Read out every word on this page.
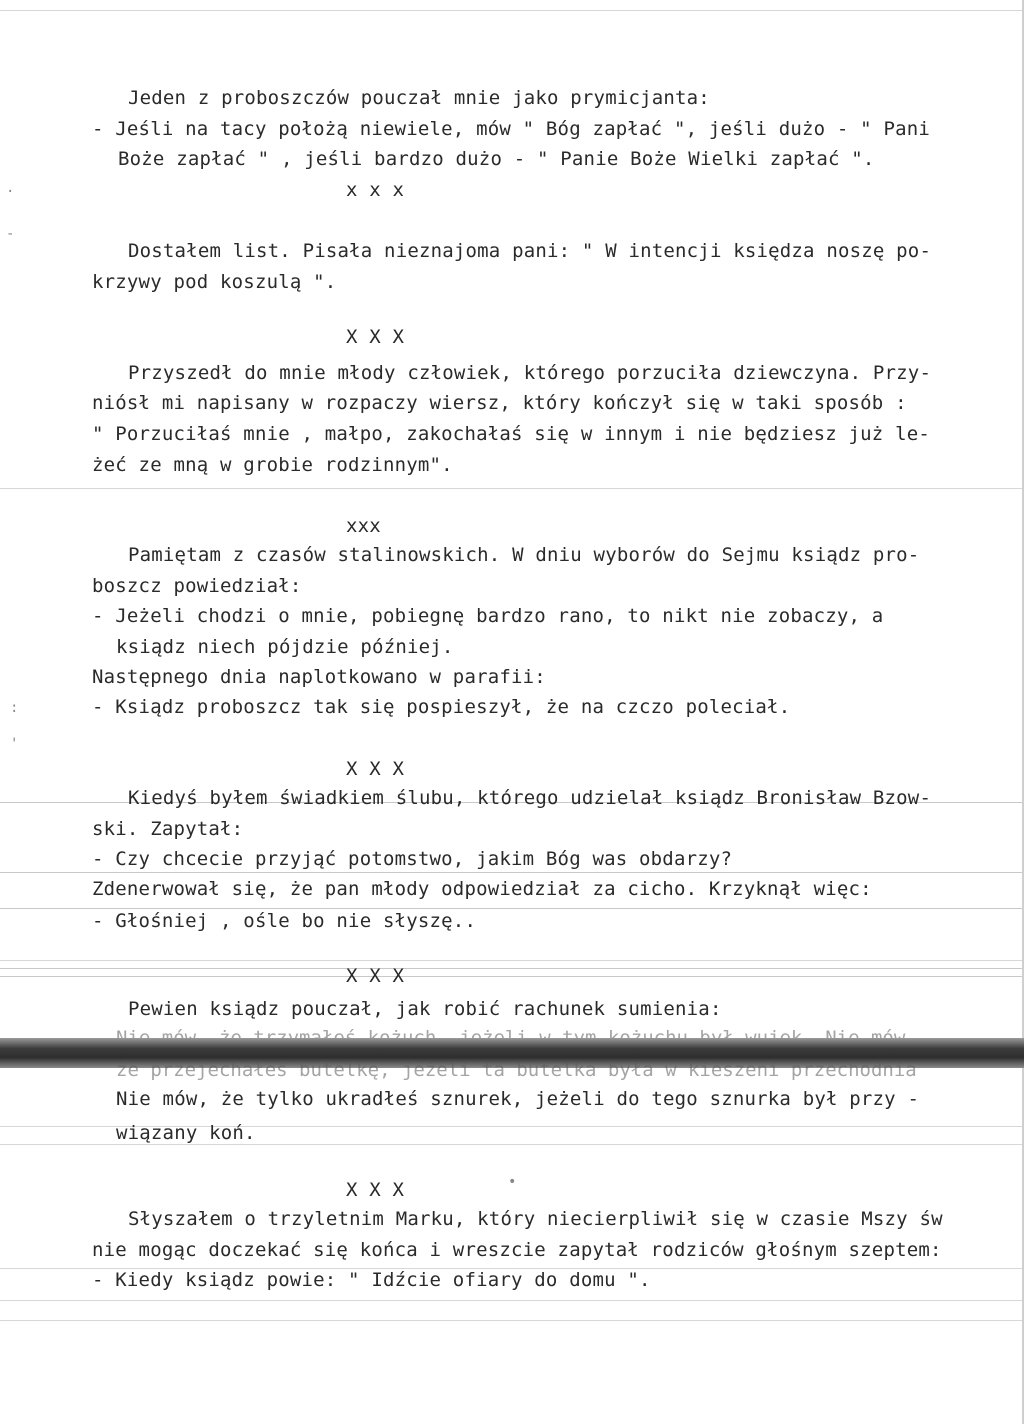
Jeden z proboszczów pouczał mnie jako prymicjanta:
- Jeśli na tacy położą niewiele, mów " Bóg zapłać ", jeśli dużo - " Pani
Boże zapłać " , jeśli bardzo dużo - " Panie Boże Wielki zapłać ".
x x x
Dostałem list. Pisała nieznajoma pani: " W intencji księdza noszę po-
krzywy pod koszulą ".
X X X
Przyszedł do mnie młody człowiek, którego porzuciła dziewczyna. Przy-
niósł mi napisany w rozpaczy wiersz, który kończył się w taki sposób :
" Porzuciłaś mnie , małpo, zakochałaś się w innym i nie będziesz już le-
żeć ze mną w grobie rodzinnym".
xxx
Pamiętam z czasów stalinowskich. W dniu wyborów do Sejmu ksiądz pro-
boszcz powiedział:
- Jeżeli chodzi o mnie, pobiegnę bardzo rano, to nikt nie zobaczy, a
ksiądz niech pójdzie później.
Następnego dnia naplotkowano w parafii:
- Ksiądz proboszcz tak się pospieszył, że na czczo poleciał.
X X X
Kiedyś byłem świadkiem ślubu, którego udzielał ksiądz Bronisław Bzow-
ski. Zapytał:
- Czy chcecie przyjąć potomstwo, jakim Bóg was obdarzy?
Zdenerwował się, że pan młody odpowiedział za cicho. Krzyknął więc:
- Głośniej , ośle bo nie słyszę..
X X X
Pewien ksiądz pouczał, jak robić rachunek sumienia:
że przejechałeś butelkę, jeżeli ta butelka była w kieszeni przechodnia
Nie mów, że tylko ukradłeś sznurek, jeżeli do tego sznurka był przy -
wiązany koń.
X X X
Słyszałem o trzyletnim Marku, który niecierpliwił się w czasie Mszy św
nie mogąc doczekać się końca i wreszcie zapytał rodziców głośnym szeptem:
- Kiedy ksiądz powie: " Idźcie ofiary do domu ".
·
-
:
'
•
